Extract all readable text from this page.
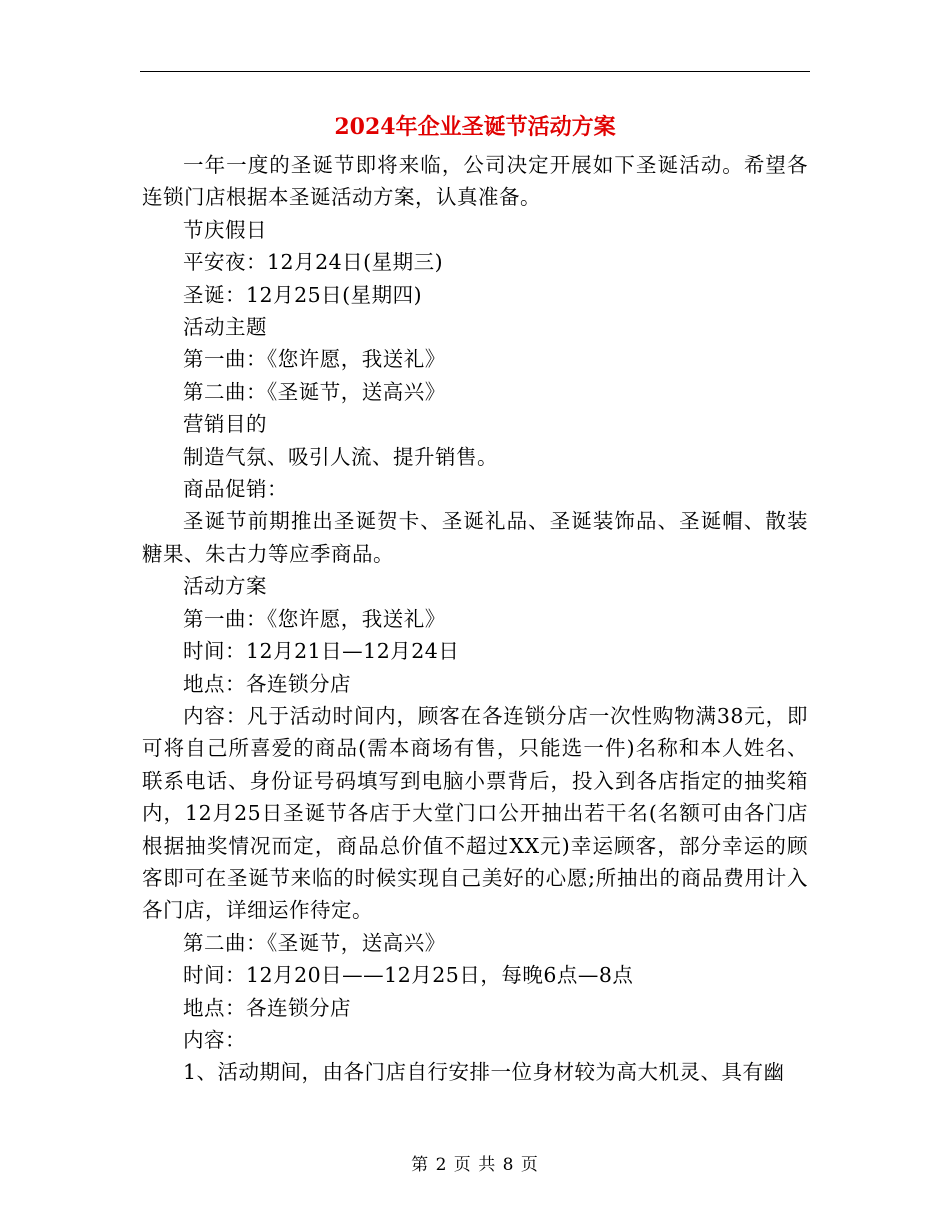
2024年企业圣诞节活动方案

一年一度的圣诞节即将来临，公司决定开展如下圣诞活动。希望各连锁门店根据本圣诞活动方案，认真准备。

节庆假日

平安夜：12月24日(星期三)

圣诞：12月25日(星期四)

活动主题

第一曲：《您许愿，我送礼》

第二曲：《圣诞节，送高兴》

营销目的

制造气氛、吸引人流、提升销售。

商品促销：

圣诞节前期推出圣诞贺卡、圣诞礼品、圣诞装饰品、圣诞帽、散装糖果、朱古力等应季商品。

活动方案

第一曲：《您许愿，我送礼》

时间：12月21日—12月24日

地点：各连锁分店

内容：凡于活动时间内，顾客在各连锁分店一次性购物满38元，即可将自己所喜爱的商品(需本商场有售，只能选一件)名称和本人姓名、联系电话、身份证号码填写到电脑小票背后，投入到各店指定的抽奖箱内，12月25日圣诞节各店于大堂门口公开抽出若干名(名额可由各门店根据抽奖情况而定，商品总价值不超过XX元)幸运顾客，部分幸运的顾客即可在圣诞节来临的时候实现自己美好的心愿;所抽出的商品费用计入各门店，详细运作待定。

第二曲：《圣诞节，送高兴》

时间：12月20日——12月25日，每晚6点—8点

地点：各连锁分店

内容：

1、活动期间，由各门店自行安排一位身材较为高大机灵、具有幽

第 2 页 共 8 页
